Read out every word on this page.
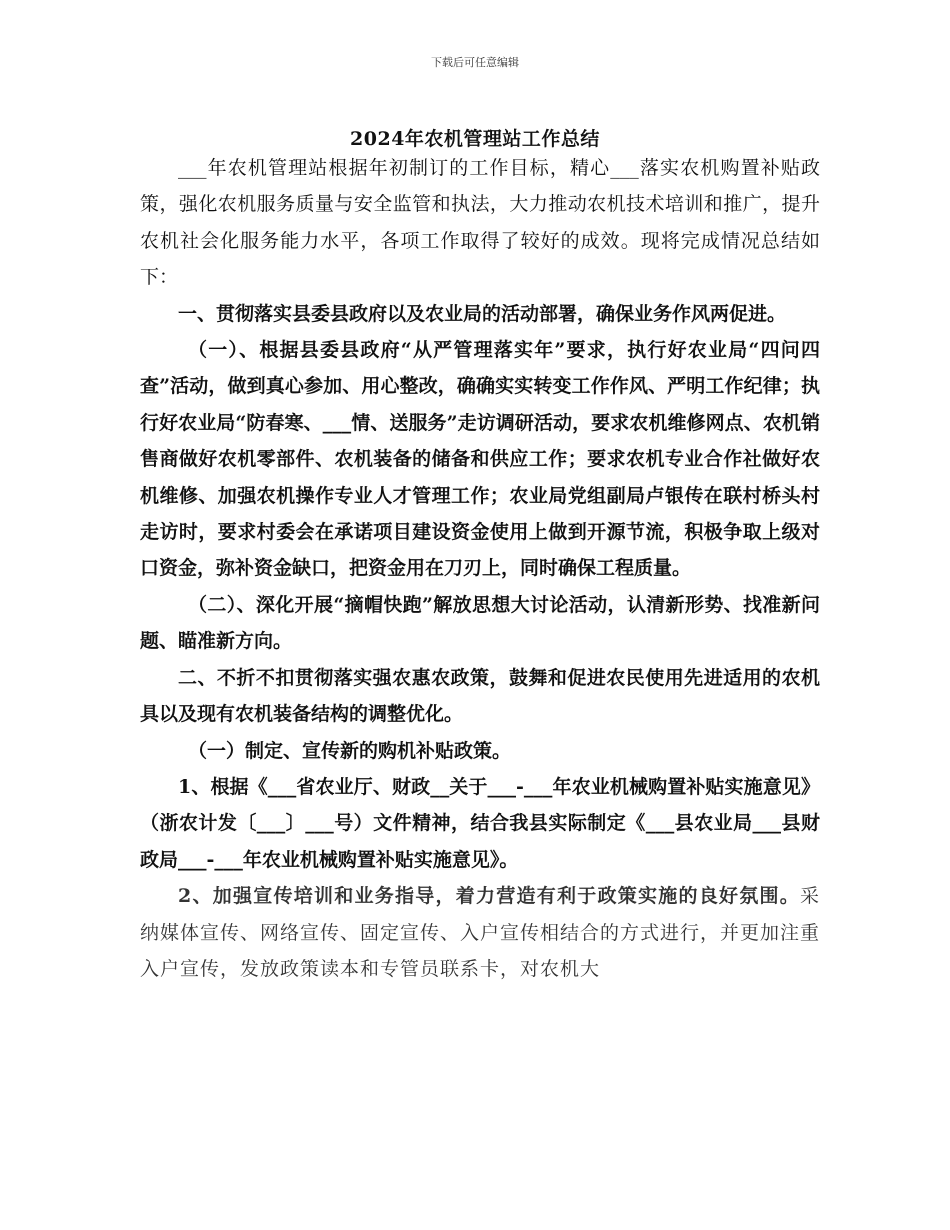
下载后可任意编辑
2024年农机管理站工作总结

___年农机管理站根据年初制订的工作目标，精心___落实农机购置补贴政策，强化农机服务质量与安全监管和执法，大力推动农机技术培训和推广，提升农机社会化服务能力水平，各项工作取得了较好的成效。现将完成情况总结如下：

一、贯彻落实县委县政府以及农业局的活动部署，确保业务作风两促进。

（一）、根据县委县政府“从严管理落实年”要求，执行好农业局“四问四查”活动，做到真心参加、用心整改，确确实实转变工作作风、严明工作纪律；执行好农业局“防春寒、___情、送服务”走访调研活动，要求农机维修网点、农机销售商做好农机零部件、农机装备的储备和供应工作；要求农机专业合作社做好农机维修、加强农机操作专业人才管理工作；农业局党组副局卢银传在联村桥头村走访时，要求村委会在承诺项目建设资金使用上做到开源节流，积极争取上级对口资金，弥补资金缺口，把资金用在刀刃上，同时确保工程质量。

（二）、深化开展“摘帽快跑”解放思想大讨论活动，认清新形势、找准新问题、瞄准新方向。

二、不折不扣贯彻落实强农惠农政策，鼓舞和促进农民使用先进适用的农机具以及现有农机装备结构的调整优化。

（一）制定、宣传新的购机补贴政策。

1、根据《___省农业厅、财政__关于___-___年农业机械购置补贴实施意见》（浙农计发〔___〕___号）文件精神，结合我县实际制定《___县农业局___县财政局___-___年农业机械购置补贴实施意见》。

2、加强宣传培训和业务指导，着力营造有利于政策实施的良好氛围。采纳媒体宣传、网络宣传、固定宣传、入户宣传相结合的方式进行，并更加注重入户宣传，发放政策读本和专管员联系卡，对农机大
